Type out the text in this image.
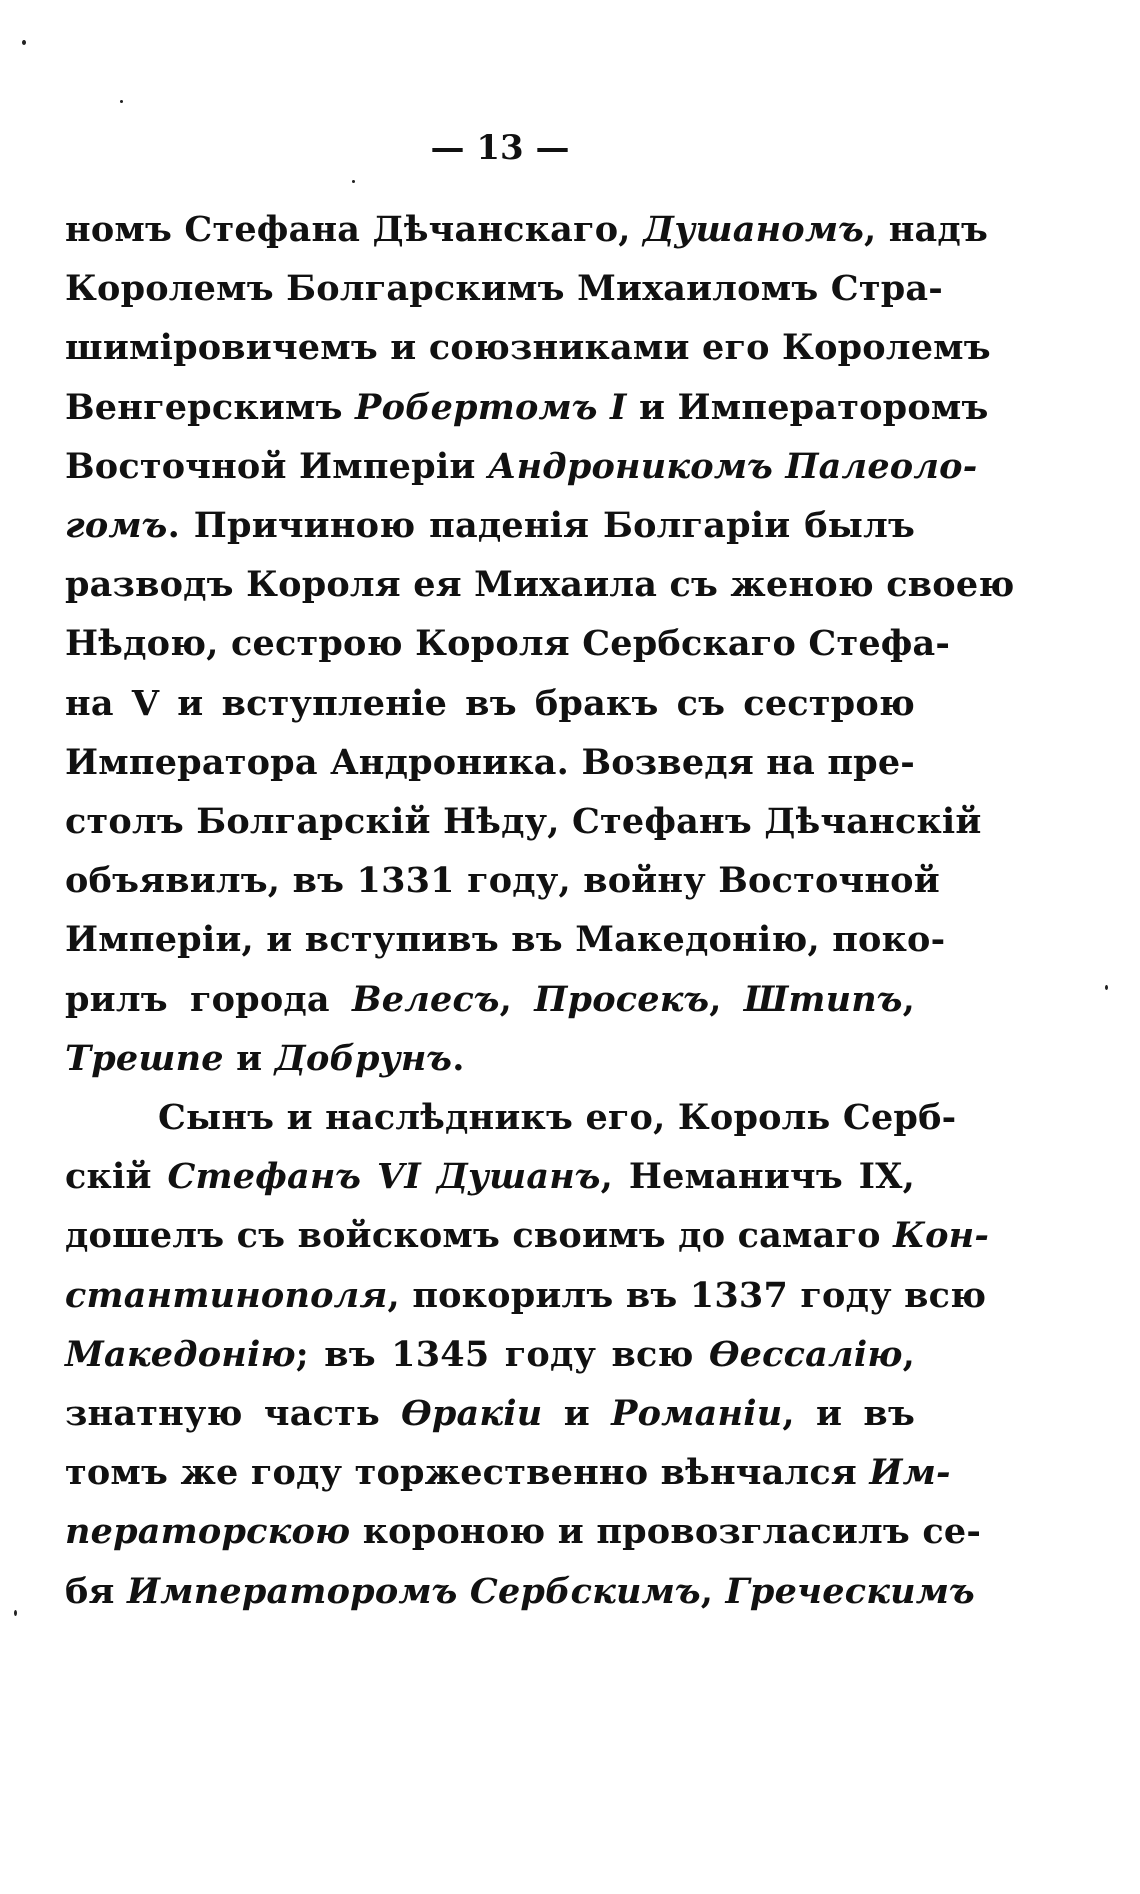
— 13 —
номъ Стефана Дѣчанскаго, Душаномъ, надъ
Королемъ Болгарскимъ Михаиломъ Стра-
шимiровичемъ и союзниками его Королемъ
Венгерскимъ Робертомъ I и Императоромъ
Восточной Имперiи Андроникомъ Палеоло-
гомъ. Причиною паденiя Болгарiи былъ
разводъ Короля ея Михаила съ женою своею
Нѣдою, сестрою Короля Сербскаго Стефа-
на V и вступленiе въ бракъ съ сестрою
Императора Андроника. Возведя на пре-
столъ Болгарскiй Нѣду, Стефанъ Дѣчанскiй
объявилъ, въ 1331 году, войну Восточной
Имперiи, и вступивъ въ Македонiю, поко-
рилъ города Велесъ, Просекъ, Штипъ,
Трешпе и Добрунъ.
Сынъ и наслѣдникъ его, Король Серб-
скiй Стефанъ VI Душанъ, Неманичъ IX,
дошелъ съ войскомъ своимъ до самаго Кон-
стантинополя, покорилъ въ 1337 году всю
Македонiю; въ 1345 году всю Ѳессалiю,
знатную часть Ѳракiи и Романiи, и въ
томъ же году торжественно вѣнчался Им-
ператорскою короною и провозгласилъ се-
бя Императоромъ Сербскимъ, Греческимъ
